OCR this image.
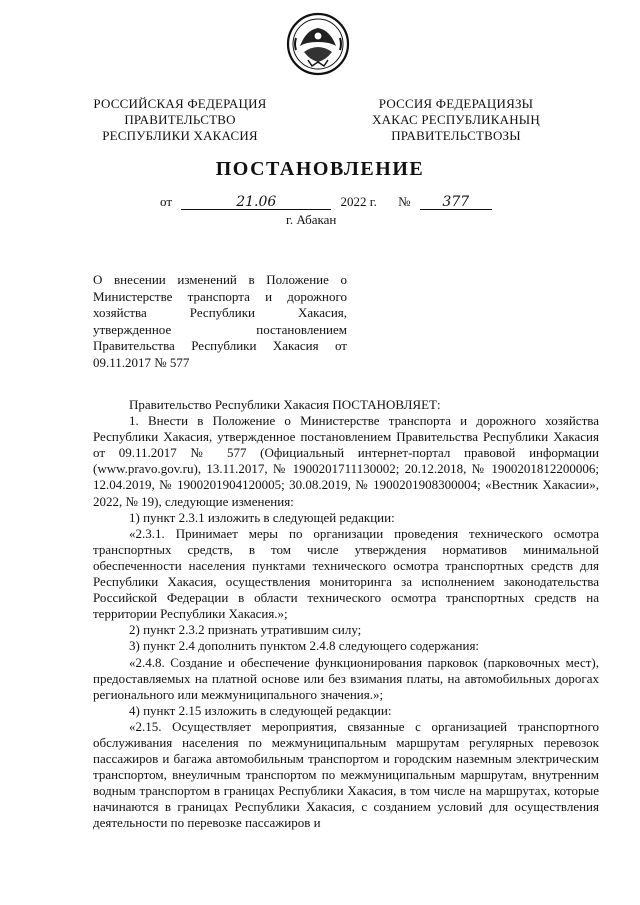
РОССИЙСКАЯ ФЕДЕРАЦИЯ
ПРАВИТЕЛЬСТВО
РЕСПУБЛИКИ ХАКАСИЯ
РОССИЯ ФЕДЕРАЦИЯЗЫ
ХАКАС РЕСПУБЛИКАНЫҢ
ПРАВИТЕЛЬСТВОЗЫ
ПОСТАНОВЛЕНИЕ
от	21.06	2022 г. № 377
г. Абакан

О внесении изменений в Положение о Министерстве транспорта и дорожного хозяйства Республики Хакасия, утвержденное постановлением Правительства Республики Хакасия от 09.11.2017 № 577

Правительство Республики Хакасия ПОСТАНОВЛЯЕТ:

1. Внести в Положение о Министерстве транспорта и дорожного хозяйства Республики Хакасия, утвержденное постановлением Правительства Республики Хакасия от 09.11.2017 № 577 (Официальный интернет-портал правовой информации (www.pravo.gov.ru), 13.11.2017, № 1900201711130002; 20.12.2018, № 1900201812200006; 12.04.2019, № 1900201904120005; 30.08.2019, № 1900201908300004; «Вестник Хакасии», 2022, № 19), следующие изменения:

1) пункт 2.3.1 изложить в следующей редакции:

«2.3.1. Принимает меры по организации проведения технического осмотра транспортных средств, в том числе утверждения нормативов минимальной обеспеченности населения пунктами технического осмотра транспортных средств для Республики Хакасия, осуществления мониторинга за исполнением законодательства Российской Федерации в области технического осмотра транспортных средств на территории Республики Хакасия.»;

2) пункт 2.3.2 признать утратившим силу;

3) пункт 2.4 дополнить пунктом 2.4.8 следующего содержания:

«2.4.8. Создание и обеспечение функционирования парковок (парковочных мест), предоставляемых на платной основе или без взимания платы, на автомобильных дорогах регионального или межмуниципального значения.»;

4) пункт 2.15 изложить в следующей редакции:

«2.15. Осуществляет мероприятия, связанные с организацией транспортного обслуживания населения по межмуниципальным маршрутам регулярных перевозок пассажиров и багажа автомобильным транспортом и городским наземным электрическим транспортом, внеуличным транспортом по межмуниципальным маршрутам, внутренним водным транспортом в границах Республики Хакасия, в том числе на маршрутах, которые начинаются в границах Республики Хакасия, с созданием условий для осуществления деятельности по перевозке пассажиров и
